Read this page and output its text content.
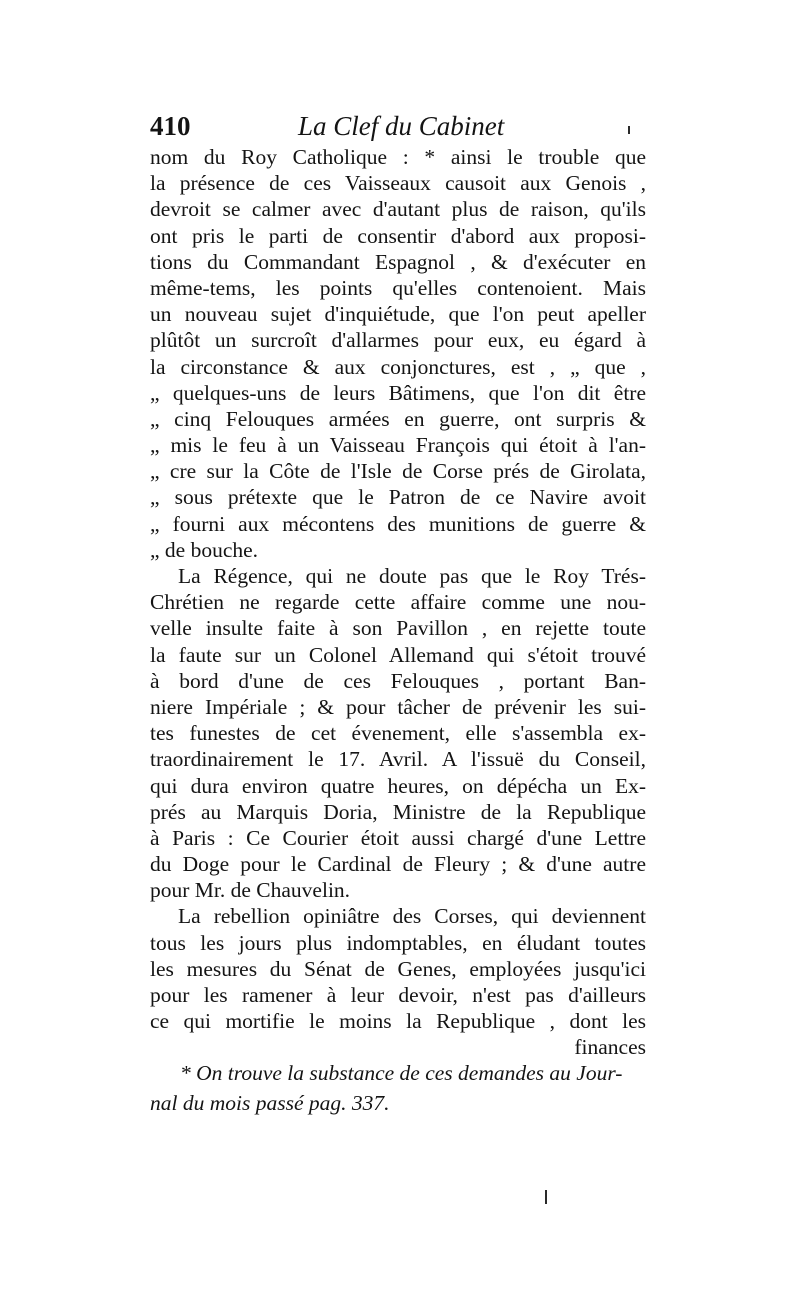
410	La Clef du Cabinet
nom du Roy Catholique : * ainsi le trouble que
la présence de ces Vaisseaux causoit aux Genois ,
devroit se calmer avec d'autant plus de raison, qu'ils
ont pris le parti de consentir d'abord aux proposi-
tions du Commandant Espagnol , & d'exécuter en
même-tems, les points qu'elles contenoient. Mais
un nouveau sujet d'inquiétude, que l'on peut apeller
plûtôt un surcroît d'allarmes pour eux, eu égard à
la circonstance & aux conjonctures, est , „ que ,
„ quelques-uns de leurs Bâtimens, que l'on dit être
„ cinq Felouques armées en guerre, ont surpris &
„ mis le feu à un Vaisseau François qui étoit à l'an-
„ cre sur la Côte de l'Isle de Corse prés de Girolata,
„ sous prétexte que le Patron de ce Navire avoit
„ fourni aux mécontens des munitions de guerre &
„ de bouche.
La Régence, qui ne doute pas que le Roy Trés-
Chrétien ne regarde cette affaire comme une nou-
velle insulte faite à son Pavillon , en rejette toute
la faute sur un Colonel Allemand qui s'étoit trouvé
à bord d'une de ces Felouques , portant Ban-
niere Impériale ; & pour tâcher de prévenir les sui-
tes funestes de cet évenement, elle s'assembla ex-
traordinairement le 17. Avril. A l'issuë du Conseil,
qui dura environ quatre heures, on dépécha un Ex-
prés au Marquis Doria, Ministre de la Republique
à Paris : Ce Courier étoit aussi chargé d'une Lettre
du Doge pour le Cardinal de Fleury ; & d'une autre
pour Mr. de Chauvelin.
La rebellion opiniâtre des Corses, qui deviennent
tous les jours plus indomptables, en éludant toutes
les mesures du Sénat de Genes, employées jusqu'ici
pour les ramener à leur devoir, n'est pas d'ailleurs
ce qui mortifie le moins la Republique , dont les
finances
* On trouve la substance de ces demandes au Jour-
nal du mois passé pag. 337.
